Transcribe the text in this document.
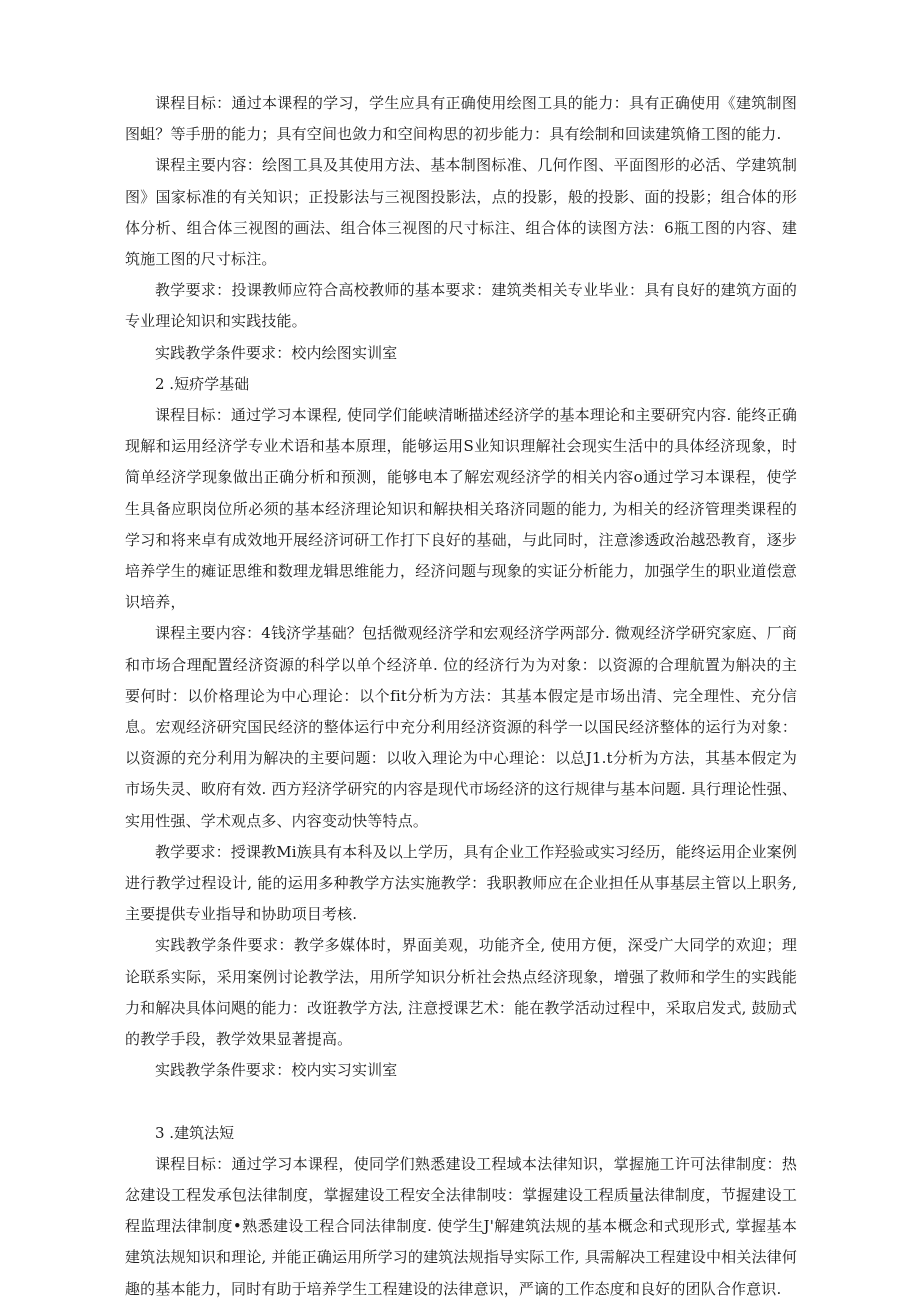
课程目标：通过本课程的学习，学生应具有正确使用绘图工具的能力：具有正确使用《建筑制图图蛆？等手册的能力；具有空间也敛力和空间构思的初步能力：具有绘制和回读建筑脩工图的能力.

课程主要内容：绘图工具及其使用方法、基本制图标准、几何作图、平面图形的必活、学建筑制图》国家标准的有关知识；正投影法与三视图投影法，点的投影，般的投影、面的投影；组合体的形体分析、组合体三视图的画法、组合体三视图的尺寸标注、组合体的读图方法：6瓶工图的内容、建筑施工图的尺寸标注。

教学要求：投课教师应符合高校教师的基本要求：建筑类相关专业毕业：具有良好的建筑方面的专业理论知识和实践技能。

实践教学条件要求：校内绘图实训室

2 .短疥学基础

课程目标：通过学习本课程, 使同学们能峡清晰描述经济学的基本理论和主要研究内容. 能终正确现解和运用经济学专业术语和基本原理，能够运用S业知识理解社会现实生活中的具体经济现象，时简单经济学现象做出正确分析和预测，能够电本了解宏观经济学的相关内容o通过学习本课程，使学生具备应职岗位所必须的基本经济理论知识和解抉相关珞济同题的能力, 为相关的经济管理类课程的学习和将来卓有成效地开展经济诃研工作打下良好的基础，与此同时，注意渗透政治越恐教育，逐步培养学生的瘫证思维和数理龙辑思维能力，经济问题与现象的实证分析能力，加强学生的职业道偿意识培养，

课程主要内容：4钱济学基础？包括微观经济学和宏观经济学两部分. 微观经济学研究家庭、厂商和市场合理配置经济资源的科学以单个经济单. 位的经济行为为对象：以资源的合理航置为斛决的主要何时：以价格理论为中心理论：以个fit分析为方法：其基本假定是市场出清、完全理性、充分信息。宏观经济研究国民经济的整体运行中充分利用经济资源的科学一以国民经济整体的运行为对象：以资源的充分利用为解决的主要问题：以收入理论为中心理论：以总J1.t分析为方法，其基本假定为市场失灵、畋府有效. 西方羟济学研究的内容是现代市场经济的这行规律与基本问题. 具行理论性强、实用性强、学术观点多、内容变动快等特点。

教学要求：授课教Mi族具有本科及以上学历，具有企业工作羟验或实习经历，能终运用企业案例进行教学过程设计, 能的运用多种教学方法实施教学：我职教师应在企业担任从事基层主管以上职务, 主要提供专业指导和协助项目考核.

实践教学条件要求：教学多媒体时，界面美观，功能齐全, 使用方便，深受广大同学的欢迎；理论联系实际，采用案例讨论教学法，用所学知识分析社会热点经济现象，增强了救师和学生的实践能力和解决具体问飓的能力：改诳教学方法, 注意授课艺术：能在教学活动过程中，采取启发式, 鼓励式的教学手段，教学效果显著提高。

实践教学条件要求：校内实习实训室

3 .建筑法短

课程目标：通过学习本课程，使同学们熟悉建设工程域本法律知识，掌握施工许可法律制度：热忿建设工程发承包法律制度，掌握建设工程安全法律制吱：掌握建设工程质量法律制度，节握建设工程监理法律制度•熟悉建设工程合同法律制度. 使学生J'解建筑法规的基本概念和式现形式, 掌握基本建筑法规知识和理论, 并能正确运用所学习的建筑法规指导实际工作, 具需解决工程建设中相关法律何趣的基本能力，同时有助于培养学生工程建设的法律意识，严谪的工作态度和良好的团队合作意识.
